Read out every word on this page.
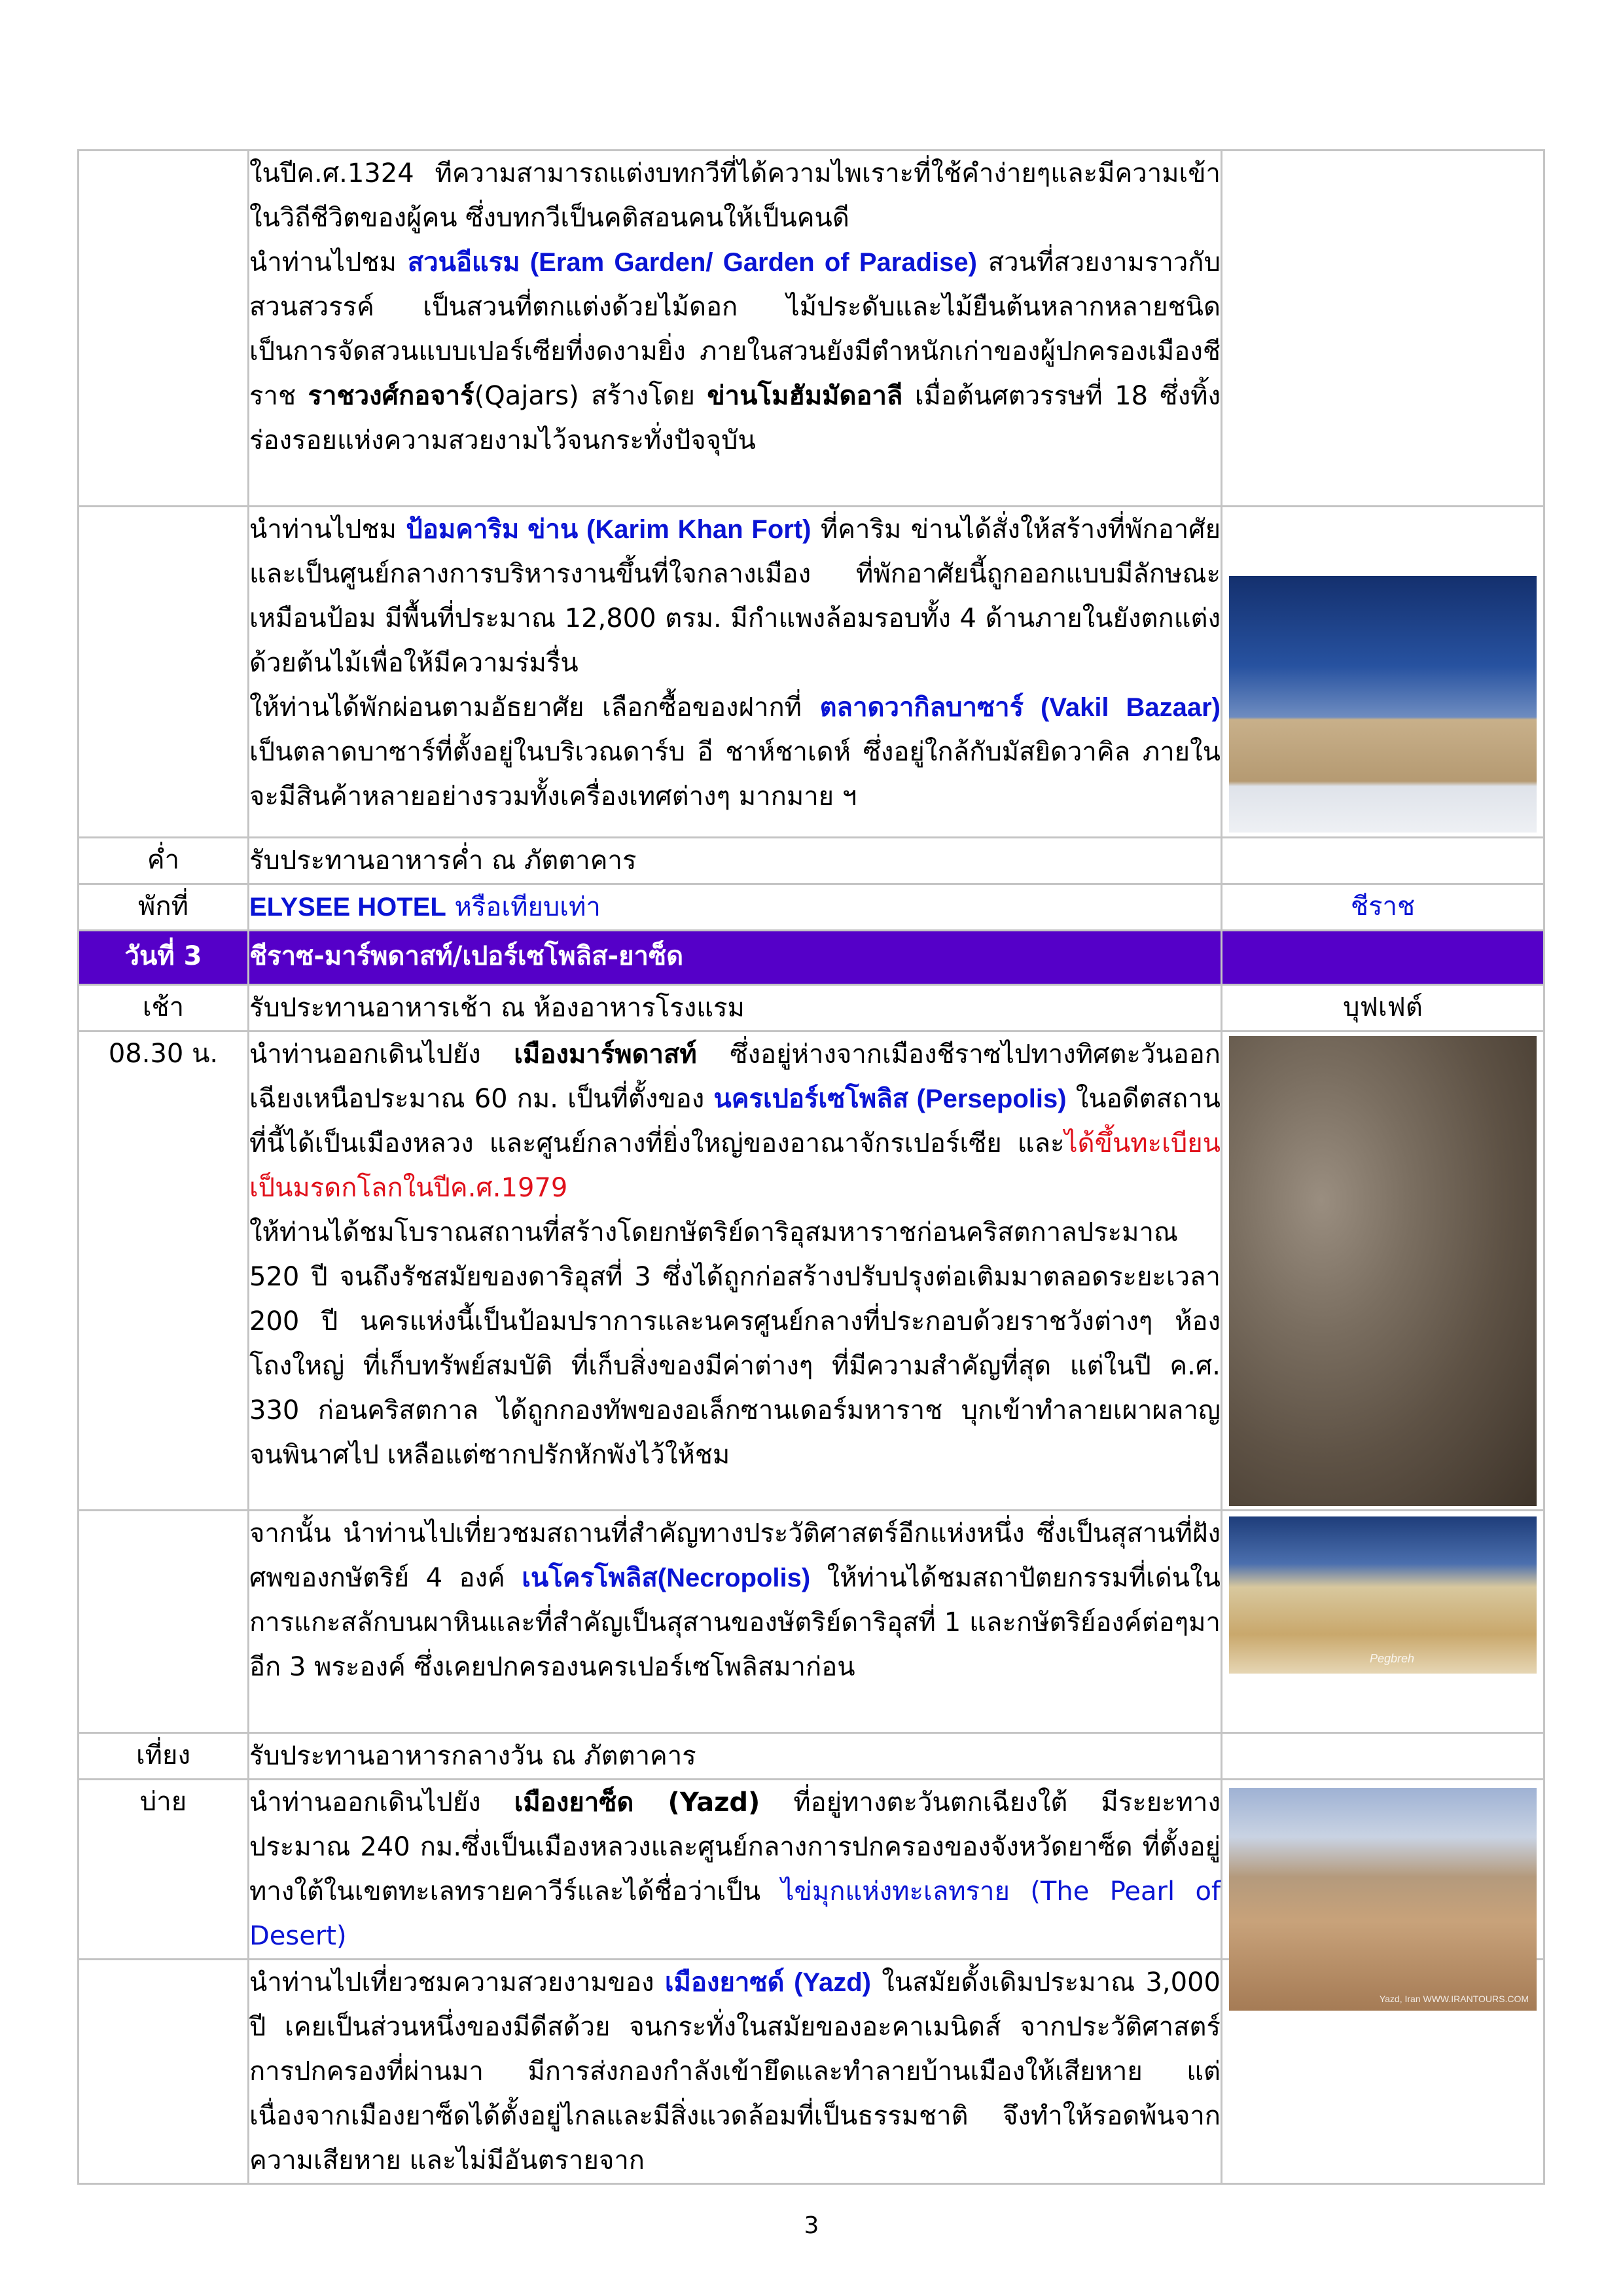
	ในปีค.ศ.1324 ทีความสามารถแต่งบทกวีที่ได้ความไพเราะที่ใช้คำง่ายๆและมีความเข้าในวิถีชีวิตของผู้คน ซึ่งบทกวีเป็นคติสอนคนให้เป็นคนดี

นำท่านไปชม สวนอีแรม (Eram Garden/ Garden of Paradise) สวนที่สวยงามราวกับสวนสวรรค์ เป็นสวนที่ตกแต่งด้วยไม้ดอก ไม้ประดับและไม้ยืนต้นหลากหลายชนิด เป็นการจัดสวนแบบเปอร์เซียที่งดงามยิ่ง ภายในสวนยังมีตำหนักเก่าของผู้ปกครองเมืองชีราช ราชวงศ์กอจาร์(Qajars) สร้างโดย ข่านโมฮัมมัดอาลี เมื่อต้นศตวรรษที่ 18 ซึ่งทิ้งร่องรอยแห่งความสวยงามไว้จนกระทั่งปัจจุบัน	

	นำท่านไปชม ป้อมคาริม ข่าน (Karim Khan Fort) ที่คาริม ข่านได้สั่งให้สร้างที่พักอาศัย และเป็นศูนย์กลางการบริหารงานขึ้นที่ใจกลางเมือง ที่พักอาศัยนี้ถูกออกแบบมีลักษณะเหมือนป้อม มีพื้นที่ประมาณ 12,800 ตรม. มีกำแพงล้อมรอบทั้ง 4 ด้านภายในยังตกแต่งด้วยต้นไม้เพื่อให้มีความร่มรื่น

ให้ท่านได้พักผ่อนตามอัธยาศัย เลือกซื้อของฝากที่ ตลาดวากิลบาซาร์ (Vakil Bazaar) เป็นตลาดบาซาร์ที่ตั้งอยู่ในบริเวณดาร์บ อี ชาห์ชาเดห์ ซึ่งอยู่ใกล้กับมัสยิดวาคิล ภายในจะมีสินค้าหลายอย่างรวมทั้งเครื่องเทศต่างๆ มากมาย ฯ	

ค่ำ	รับประทานอาหารค่ำ ณ ภัตตาคาร	
พักที่	ELYSEE HOTEL หรือเทียบเท่า	ชีราช
วันที่ 3	ชีราซ-มาร์พดาสท์/เปอร์เซโพลิส-ยาซ็ด	
เช้า	รับประทานอาหารเช้า ณ ห้องอาหารโรงแรม	บุฟเฟต์
08.30 น.	นำท่านออกเดินไปยัง เมืองมาร์พดาสท์ ซึ่งอยู่ห่างจากเมืองชีราซไปทางทิศตะวันออกเฉียงเหนือประมาณ 60 กม. เป็นที่ตั้งของ นครเปอร์เซโพลิส (Persepolis) ในอดีตสถานที่นี้ได้เป็นเมืองหลวง และศูนย์กลางที่ยิ่งใหญ่ของอาณาจักรเปอร์เซีย และได้ขึ้นทะเบียนเป็นมรดกโลกในปีค.ศ.1979

ให้ท่านได้ชมโบราณสถานที่สร้างโดยกษัตริย์ดาริอุสมหาราชก่อนคริสตกาลประมาณ 520 ปี จนถึงรัชสมัยของดาริอุสที่ 3 ซึ่งได้ถูกก่อสร้างปรับปรุงต่อเติมมาตลอดระยะเวลา 200 ปี นครแห่งนี้เป็นป้อมปราการและนครศูนย์กลางที่ประกอบด้วยราชวังต่างๆ ห้องโถงใหญ่ ที่เก็บทรัพย์สมบัติ ที่เก็บสิ่งของมีค่าต่างๆ ที่มีความสำคัญที่สุด แต่ในปี ค.ศ. 330 ก่อนคริสตกาล ได้ถูกกองทัพของอเล็กซานเดอร์มหาราช บุกเข้าทำลายเผาผลาญจนพินาศไป เหลือแต่ซากปรักหักพังไว้ให้ชม	

	จากนั้น นำท่านไปเที่ยวชมสถานที่สำคัญทางประวัติศาสตร์อีกแห่งหนึ่ง ซึ่งเป็นสุสานที่ฝังศพของกษัตริย์ 4 องค์ เนโครโพลิส(Necropolis) ให้ท่านได้ชมสถาปัตยกรรมที่เด่นในการแกะสลักบนผาหินและที่สำคัญเป็นสุสานของษัตริย์ดาริอุสที่ 1 และกษัตริย์องค์ต่อๆมาอีก 3 พระองค์ ซึ่งเคยปกครองนครเปอร์เซโพลิสมาก่อน	Pegbreh

เที่ยง	รับประทานอาหารกลางวัน ณ ภัตตาคาร	
บ่าย	นำท่านออกเดินไปยัง เมืองยาซ็ด (Yazd) ที่อยู่ทางตะวันตกเฉียงใต้ มีระยะทางประมาณ 240 กม.ซึ่งเป็นเมืองหลวงและศูนย์กลางการปกครองของจังหวัดยาซ็ด ที่ตั้งอยู่ทางใต้ในเขตทะเลทรายคาวีร์และได้ชื่อว่าเป็น ไข่มุกแห่งทะเลทราย (The Pearl of Desert)	Yazd, Iran WWW.IRANTOURS.COM

	นำท่านไปเที่ยวชมความสวยงามของ เมืองยาซด์ (Yazd) ในสมัยดั้งเดิมประมาณ 3,000 ปี เคยเป็นส่วนหนึ่งของมีดีสด้วย จนกระทั่งในสมัยของอะคาเมนิดส์ จากประวัติศาสตร์การปกครองที่ผ่านมา มีการส่งกองกำลังเข้ายึดและทำลายบ้านเมืองให้เสียหาย แต่เนื่องจากเมืองยาซ็ดได้ตั้งอยู่ไกลและมีสิ่งแวดล้อมที่เป็นธรรมชาติ จึงทำให้รอดพ้นจากความเสียหาย และไม่มีอันตรายจาก	

3
